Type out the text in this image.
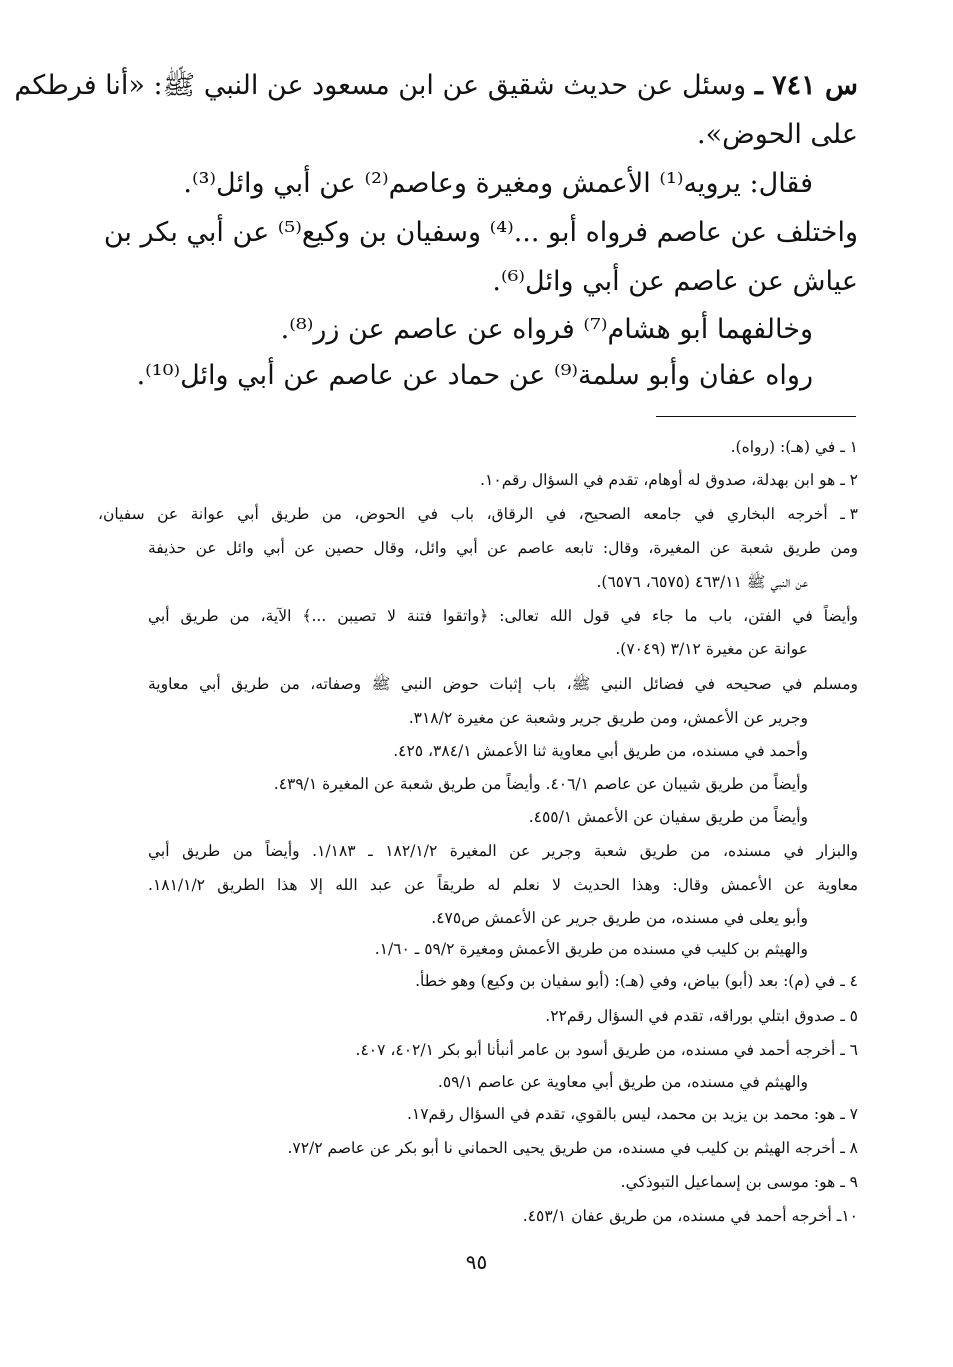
س ٧٤١ ـ وسئل عن حديث شقيق عن ابن مسعود عن النبي ﷺ: «أنا فرطكم
على الحوض».
فقال: يرويه⁽¹⁾ الأعمش ومغيرة وعاصم⁽²⁾ عن أبي وائل⁽³⁾.
واختلف عن عاصم فرواه أبو ...⁽⁴⁾ وسفيان بن وكيع⁽⁵⁾ عن أبي بكر بن
عياش عن عاصم عن أبي وائل⁽⁶⁾.
وخالفهما أبو هشام⁽⁷⁾ فرواه عن عاصم عن زر⁽⁸⁾.
رواه عفان وأبو سلمة⁽⁹⁾ عن حماد عن عاصم عن أبي وائل⁽¹⁰⁾.
١ ـ في (هـ): (رواه).
٢ ـ هو ابن بهدلة، صدوق له أوهام، تقدم في السؤال رقم١٠.
٣ ـ أخرجه البخاري في جامعه الصحيح، في الرقاق، باب في الحوض، من طريق أبي عوانة عن سفيان،
ومن طريق شعبة عن المغيرة، وقال: تابعه عاصم عن أبي وائل، وقال حصين عن أبي وائل عن حذيفة
عن النبي ﷺ ٤٦٣/١١ (٦٥٧٥، ٦٥٧٦).
وأيضاً في الفتن، باب ما جاء في قول الله تعالى: ﴿واتقوا فتنة لا تصيبن ...﴾ الآية، من طريق أبي
عوانة عن مغيرة ٣/١٢ (٧٠٤٩).
ومسلم في صحيحه في فضائل النبي ﷺ، باب إثبات حوض النبي ﷺ وصفاته، من طريق أبي معاوية
وجرير عن الأعمش، ومن طريق جرير وشعبة عن مغيرة ٣١٨/٢.
وأحمد في مسنده، من طريق أبي معاوية ثنا الأعمش ٣٨٤/١، ٤٢٥.
وأيضاً من طريق شيبان عن عاصم ٤٠٦/١. وأيضاً من طريق شعبة عن المغيرة ٤٣٩/١.
وأيضاً من طريق سفيان عن الأعمش ٤٥٥/١.
والبزار في مسنده، من طريق شعبة وجرير عن المغيرة ١٨٢/١/٢ ـ ١/١٨٣. وأيضاً من طريق أبي
معاوية عن الأعمش وقال: وهذا الحديث لا نعلم له طريقاً عن عبد الله إلا هذا الطريق ١٨١/١/٢.
وأبو يعلى في مسنده، من طريق جرير عن الأعمش ص٤٧٥.
والهيثم بن كليب في مسنده من طريق الأعمش ومغيرة ٥٩/٢ ـ ١/٦٠.
٤ ـ في (م): بعد (أبو) بياض، وفي (هـ): (أبو سفيان بن وكيع) وهو خطأ.
٥ ـ صدوق ابتلي بوراقه، تقدم في السؤال رقم٢٢.
٦ ـ أخرجه أحمد في مسنده، من طريق أسود بن عامر أنبأنا أبو بكر ٤٠٢/١، ٤٠٧.
والهيثم في مسنده، من طريق أبي معاوية عن عاصم ٥٩/١.
٧ ـ هو: محمد بن يزيد بن محمد، ليس بالقوي، تقدم في السؤال رقم١٧.
٨ ـ أخرجه الهيثم بن كليب في مسنده، من طريق يحيى الحماني نا أبو بكر عن عاصم ٧٢/٢.
٩ ـ هو: موسى بن إسماعيل التبوذكي.
١٠ـ أخرجه أحمد في مسنده، من طريق عفان ٤٥٣/١.
٩٥
